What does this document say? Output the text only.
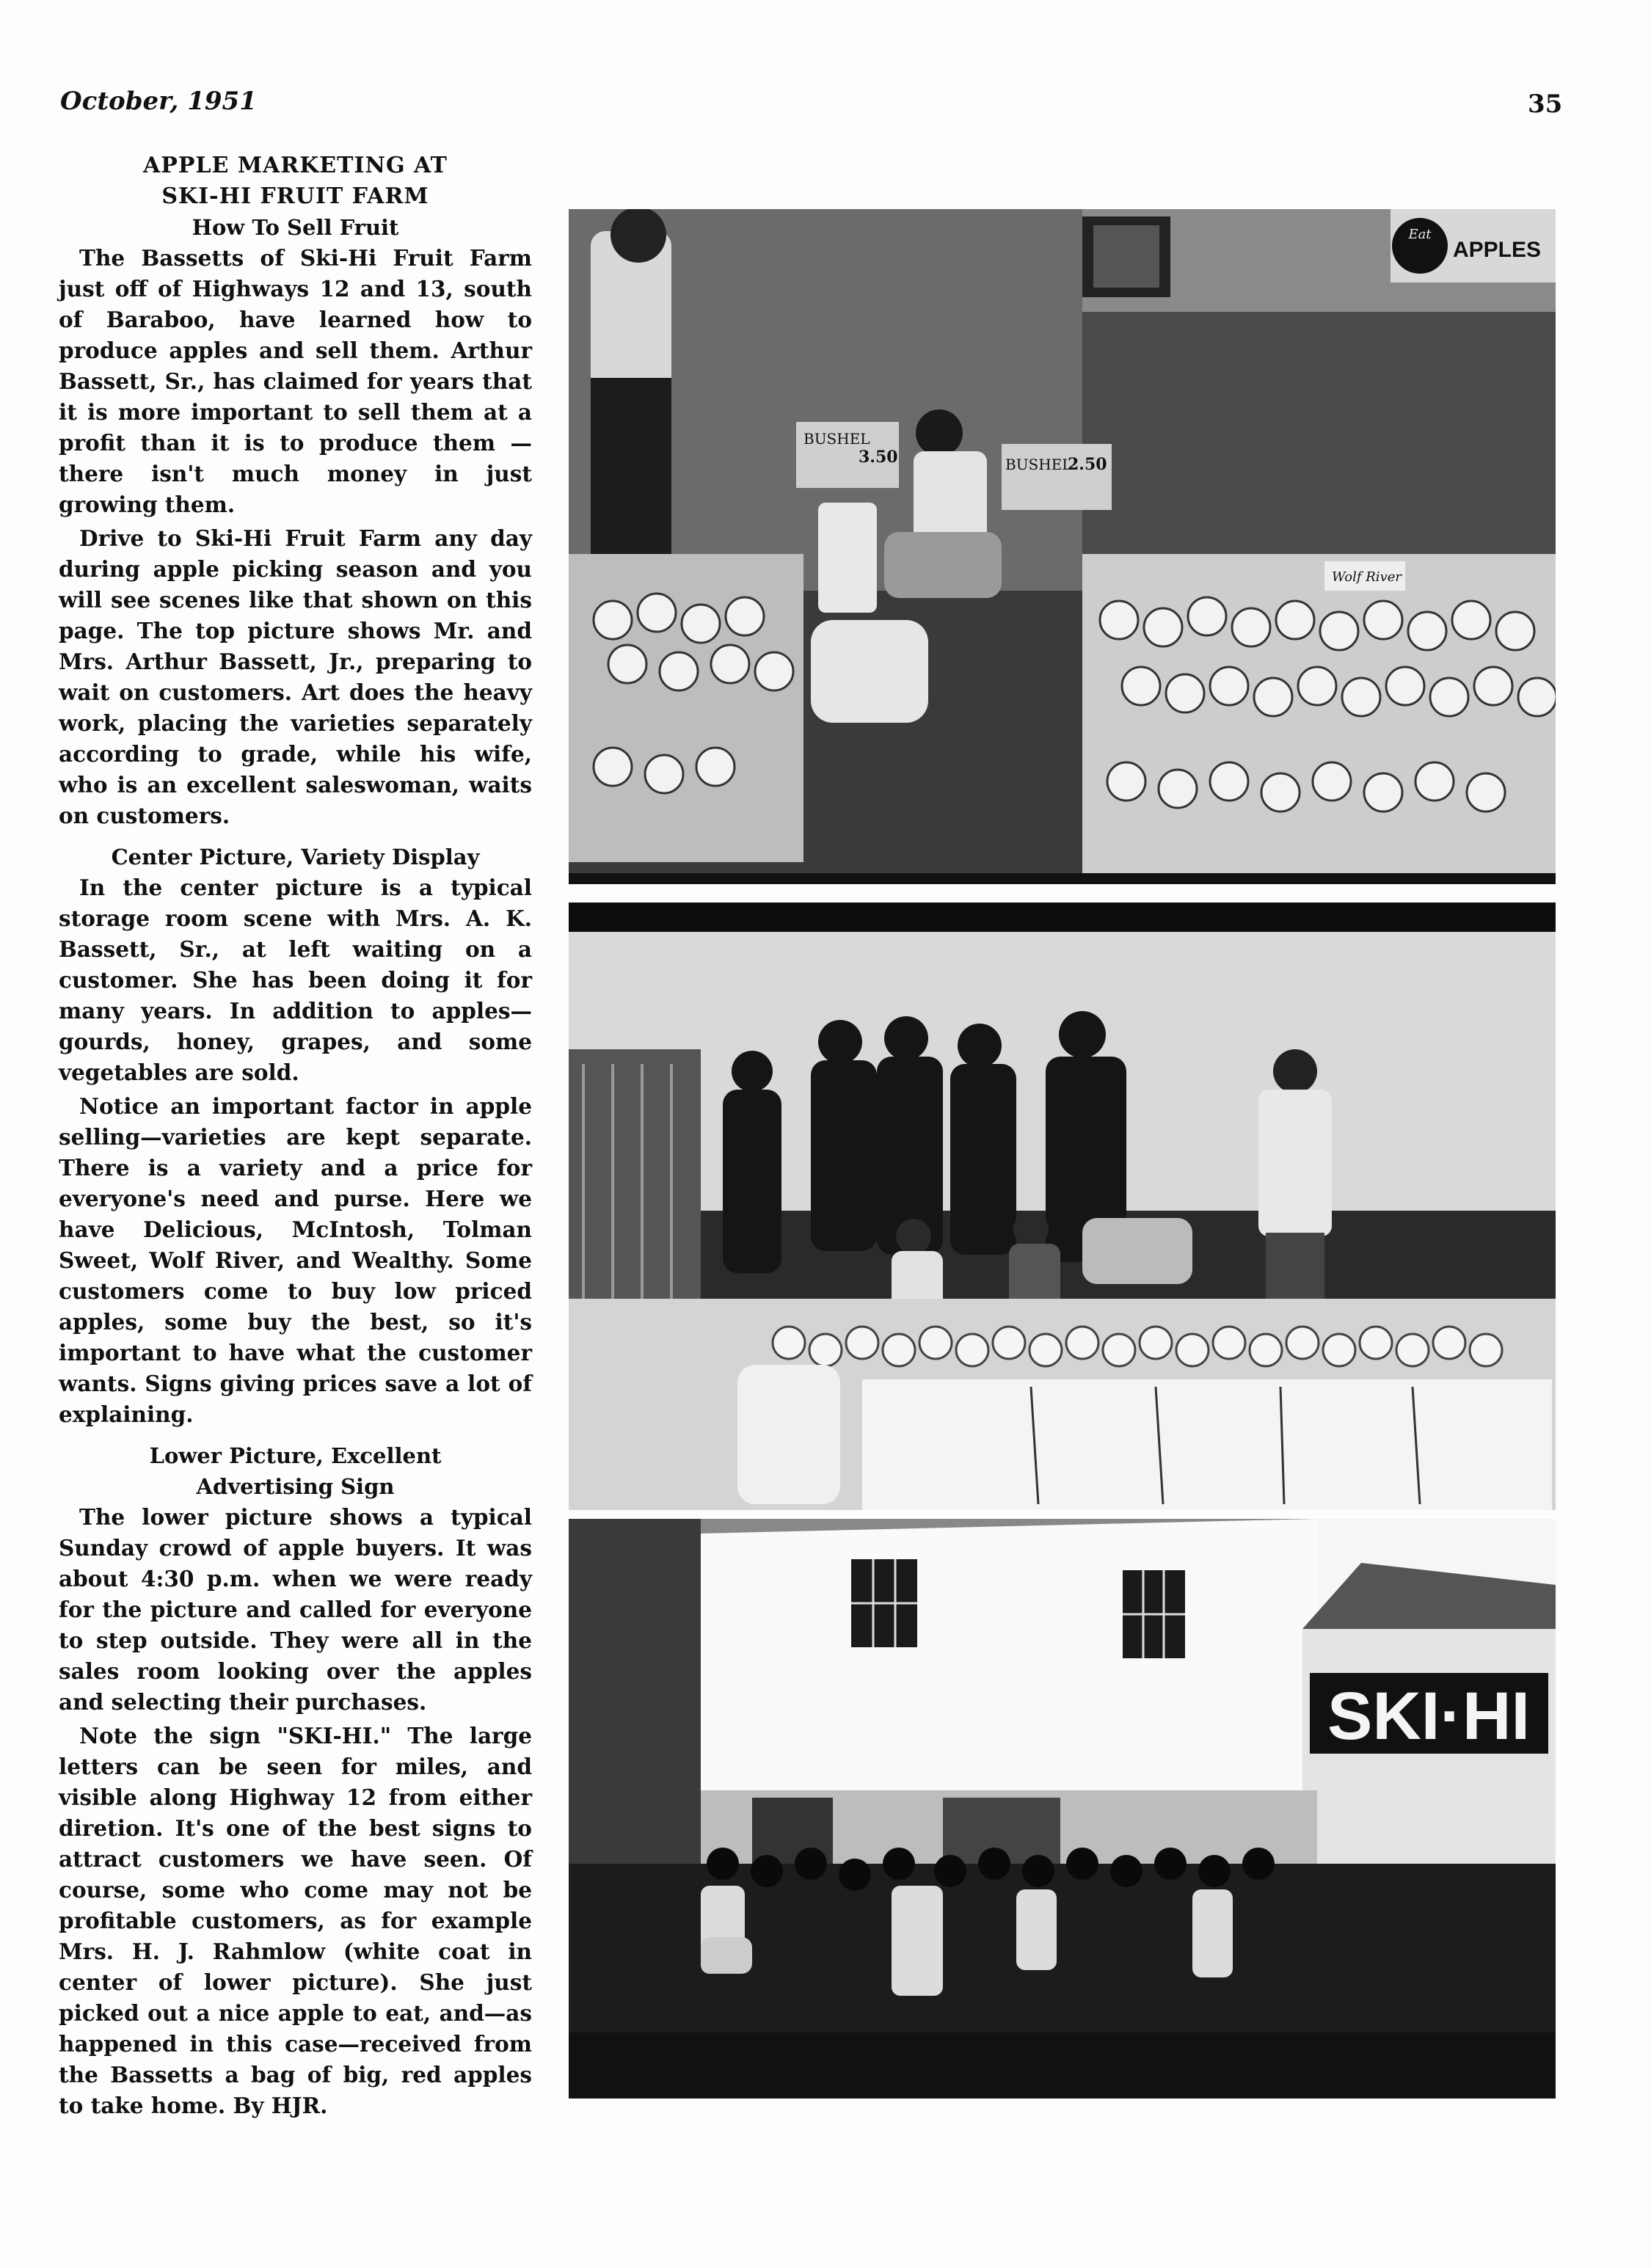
October, 1951	35
APPLE MARKETING AT
SKI-HI FRUIT FARM
How To Sell Fruit

The Bassetts of Ski-Hi Fruit Farm just off of Highways 12 and 13, south of Baraboo, have learned how to produce apples and sell them. Arthur Bassett, Sr., has claimed for years that it is more important to sell them at a profit than it is to produce them —there isn't much money in just growing them.

Drive to Ski-Hi Fruit Farm any day during apple picking season and you will see scenes like that shown on this page. The top picture shows Mr. and Mrs. Arthur Bassett, Jr., preparing to wait on customers. Art does the heavy work, placing the varieties separately according to grade, while his wife, who is an excellent saleswoman, waits on customers.

Center Picture, Variety Display

In the center picture is a typical storage room scene with Mrs. A. K. Bassett, Sr., at left waiting on a customer. She has been doing it for many years. In addition to apples—gourds, honey, grapes, and some vegetables are sold.

Notice an important factor in apple selling—varieties are kept separate. There is a variety and a price for everyone's need and purse. Here we have Delicious, McIntosh, Tolman Sweet, Wolf River, and Wealthy. Some customers come to buy low priced apples, some buy the best, so it's important to have what the customer wants. Signs giving prices save a lot of explaining.

Lower Picture, Excellent
Advertising Sign

The lower picture shows a typical Sunday crowd of apple buyers. It was about 4:30 p.m. when we were ready for the picture and called for everyone to step outside. They were all in the sales room looking over the apples and selecting their purchases.

Note the sign "SKI-HI." The large letters can be seen for miles, and visible along Highway 12 from either diretion. It's one of the best signs to attract customers we have seen. Of course, some who come may not be profitable customers, as for example Mrs. H. J. Rahmlow (white coat in center of lower picture). She just picked out a nice apple to eat, and—as happened in this case—received from the Bassetts a bag of big, red apples to take home. By HJR.

Eat
APPLES
BUSHEL
3.50	BUSHEL
2.50
Wolf River
SKI·HI
